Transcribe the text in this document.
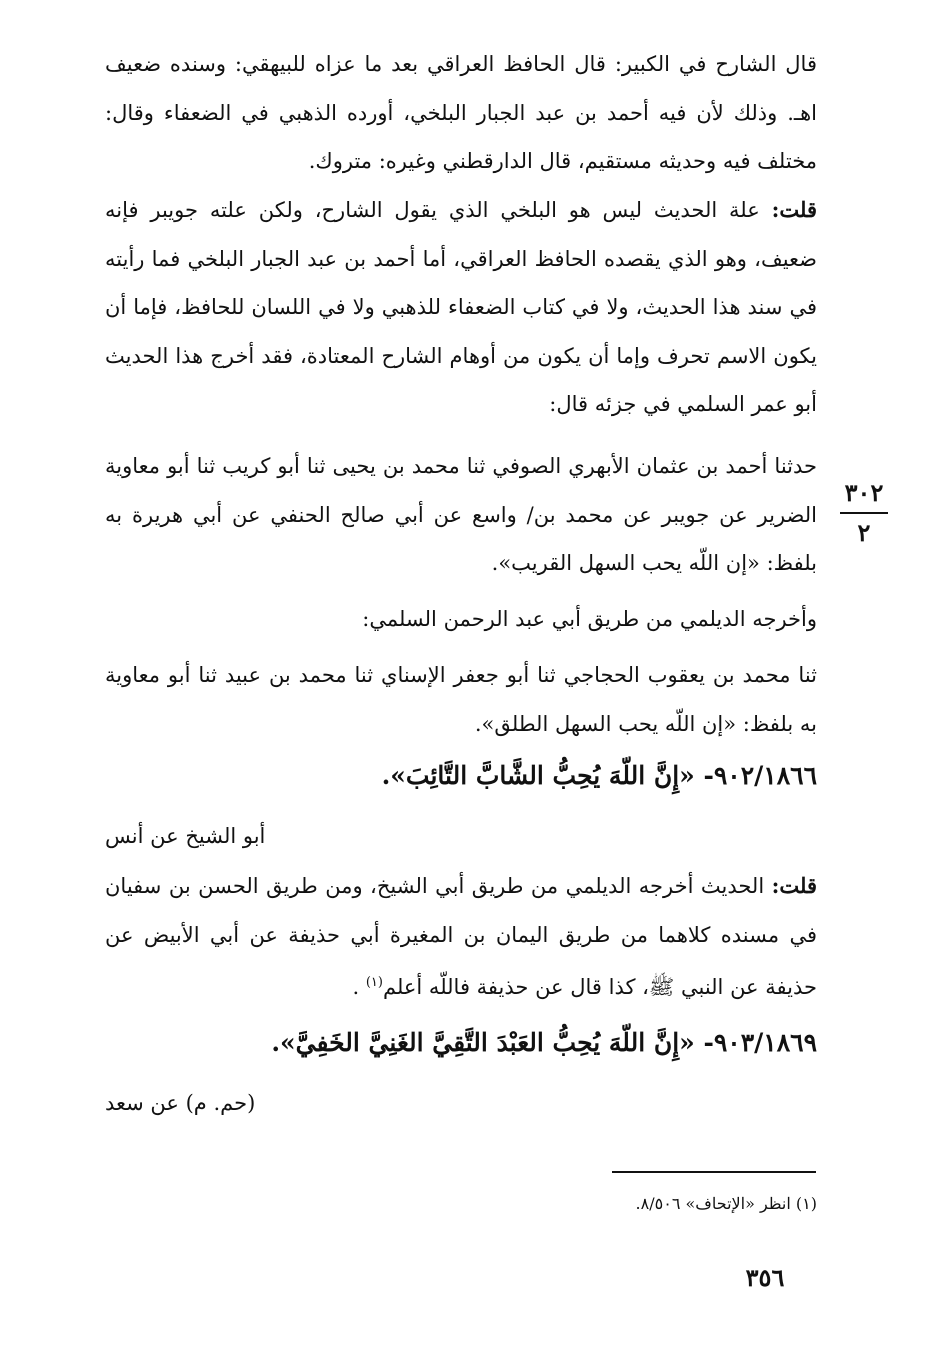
قال الشارح في الكبير: قال الحافظ العراقي بعد ما عزاه للبيهقي: وسنده ضعيف اهـ. وذلك لأن فيه أحمد بن عبد الجبار البلخي، أورده الذهبي في الضعفاء وقال: مختلف فيه وحديثه مستقيم، قال الدارقطني وغيره: متروك.

قلت: علة الحديث ليس هو البلخي الذي يقول الشارح، ولكن علته جويبر فإنه ضعيف، وهو الذي يقصده الحافظ العراقي، أما أحمد بن عبد الجبار البلخي فما رأيته في سند هذا الحديث، ولا في كتاب الضعفاء للذهبي ولا في اللسان للحافظ، فإما أن يكون الاسم تحرف وإما أن يكون من أوهام الشارح المعتادة، فقد أخرج هذا الحديث أبو عمر السلمي في جزئه قال:

حدثنا أحمد بن عثمان الأبهري الصوفي ثنا محمد بن يحيى ثنا أبو كريب ثنا أبو معاوية الضرير عن جويبر عن محمد بن/ واسع عن أبي صالح الحنفي عن أبي هريرة به بلفظ: «إن اللّه يحب السهل القريب».

وأخرجه الديلمي من طريق أبي عبد الرحمن السلمي:

ثنا محمد بن يعقوب الحجاجي ثنا أبو جعفر الإسناي ثنا محمد بن عبيد ثنا أبو معاوية به بلفظ: «إن اللّه يحب السهل الطلق».

٩٠٢/١٨٦٦- «إِنَّ اللّهَ يُحِبُّ الشَّابَّ التَّائِبَ».

أبو الشيخ عن أنس

قلت: الحديث أخرجه الديلمي من طريق أبي الشيخ، ومن طريق الحسن بن سفيان في مسنده كلاهما من طريق اليمان بن المغيرة أبي حذيفة عن أبي الأبيض عن حذيفة عن النبي ﷺ، كذا قال عن حذيفة فاللّه أعلم$^{(١)}$ .

٩٠٣/١٨٦٩- «إِنَّ اللّهَ يُحِبُّ العَبْدَ التَّقِيَّ الغَنِيَّ الخَفِيَّ».

(حم. م) عن سعد

٣٠٢
٢

(١) انظر «الإتحاف» ٨/٥٠٦.

٣٥٦
